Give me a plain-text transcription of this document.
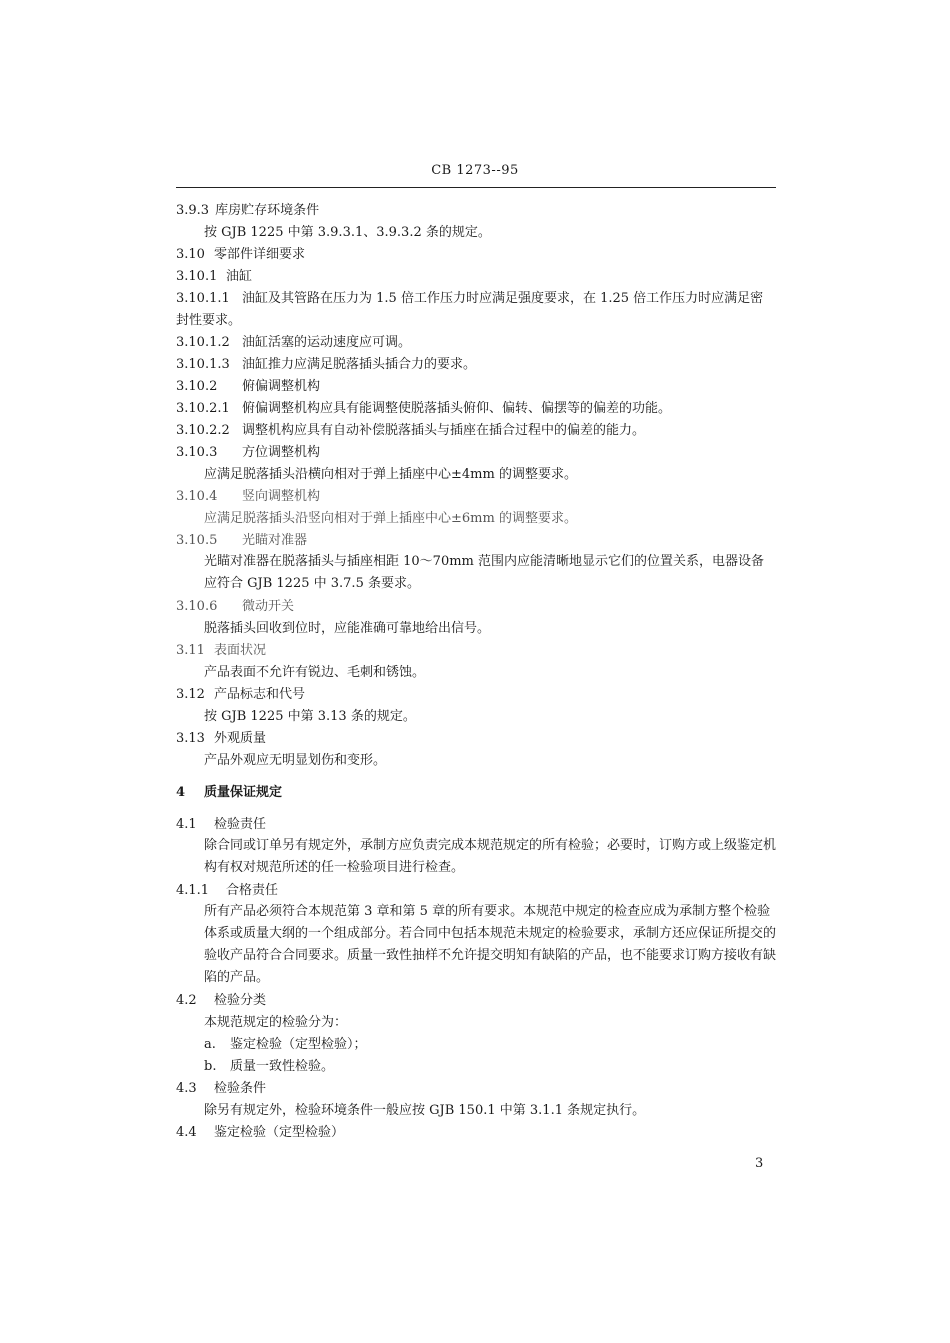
CB 1273--95
3.9.3 库房贮存环境条件
按 GJB 1225 中第 3.9.3.1、3.9.3.2 条的规定。
3.10 零部件详细要求
3.10.1 油缸
3.10.1.1 油缸及其管路在压力为 1.5 倍工作压力时应满足强度要求，在 1.25 倍工作压力时应满足密封性要求。
3.10.1.2 油缸活塞的运动速度应可调。
3.10.1.3 油缸推力应满足脱落插头插合力的要求。
3.10.2 俯偏调整机构
3.10.2.1 俯偏调整机构应具有能调整使脱落插头俯仰、偏转、偏摆等的偏差的功能。
3.10.2.2 调整机构应具有自动补偿脱落插头与插座在插合过程中的偏差的能力。
3.10.3 方位调整机构
应满足脱落插头沿横向相对于弹上插座中心±4mm 的调整要求。
3.10.4 竖向调整机构
应满足脱落插头沿竖向相对于弹上插座中心±6mm 的调整要求。
3.10.5 光瞄对准器
光瞄对准器在脱落插头与插座相距 10～70mm 范围内应能清晰地显示它们的位置关系，电器设备应符合 GJB 1225 中 3.7.5 条要求。
3.10.6 微动开关
脱落插头回收到位时，应能准确可靠地给出信号。
3.11 表面状况
产品表面不允许有锐边、毛刺和锈蚀。
3.12 产品标志和代号
按 GJB 1225 中第 3.13 条的规定。
3.13 外观质量
产品外观应无明显划伤和变形。
4 质量保证规定
4.1 检验责任
除合同或订单另有规定外，承制方应负责完成本规范规定的所有检验；必要时，订购方或上级鉴定机构有权对规范所述的任一检验项目进行检查。
4.1.1 合格责任
所有产品必须符合本规范第 3 章和第 5 章的所有要求。本规范中规定的检查应成为承制方整个检验体系或质量大纲的一个组成部分。若合同中包括本规范未规定的检验要求，承制方还应保证所提交的验收产品符合合同要求。质量一致性抽样不允许提交明知有缺陷的产品，也不能要求订购方接收有缺陷的产品。
4.2 检验分类
本规范规定的检验分为：
a. 鉴定检验（定型检验）；
b. 质量一致性检验。
4.3 检验条件
除另有规定外，检验环境条件一般应按 GJB 150.1 中第 3.1.1 条规定执行。
4.4 鉴定检验（定型检验）
3
